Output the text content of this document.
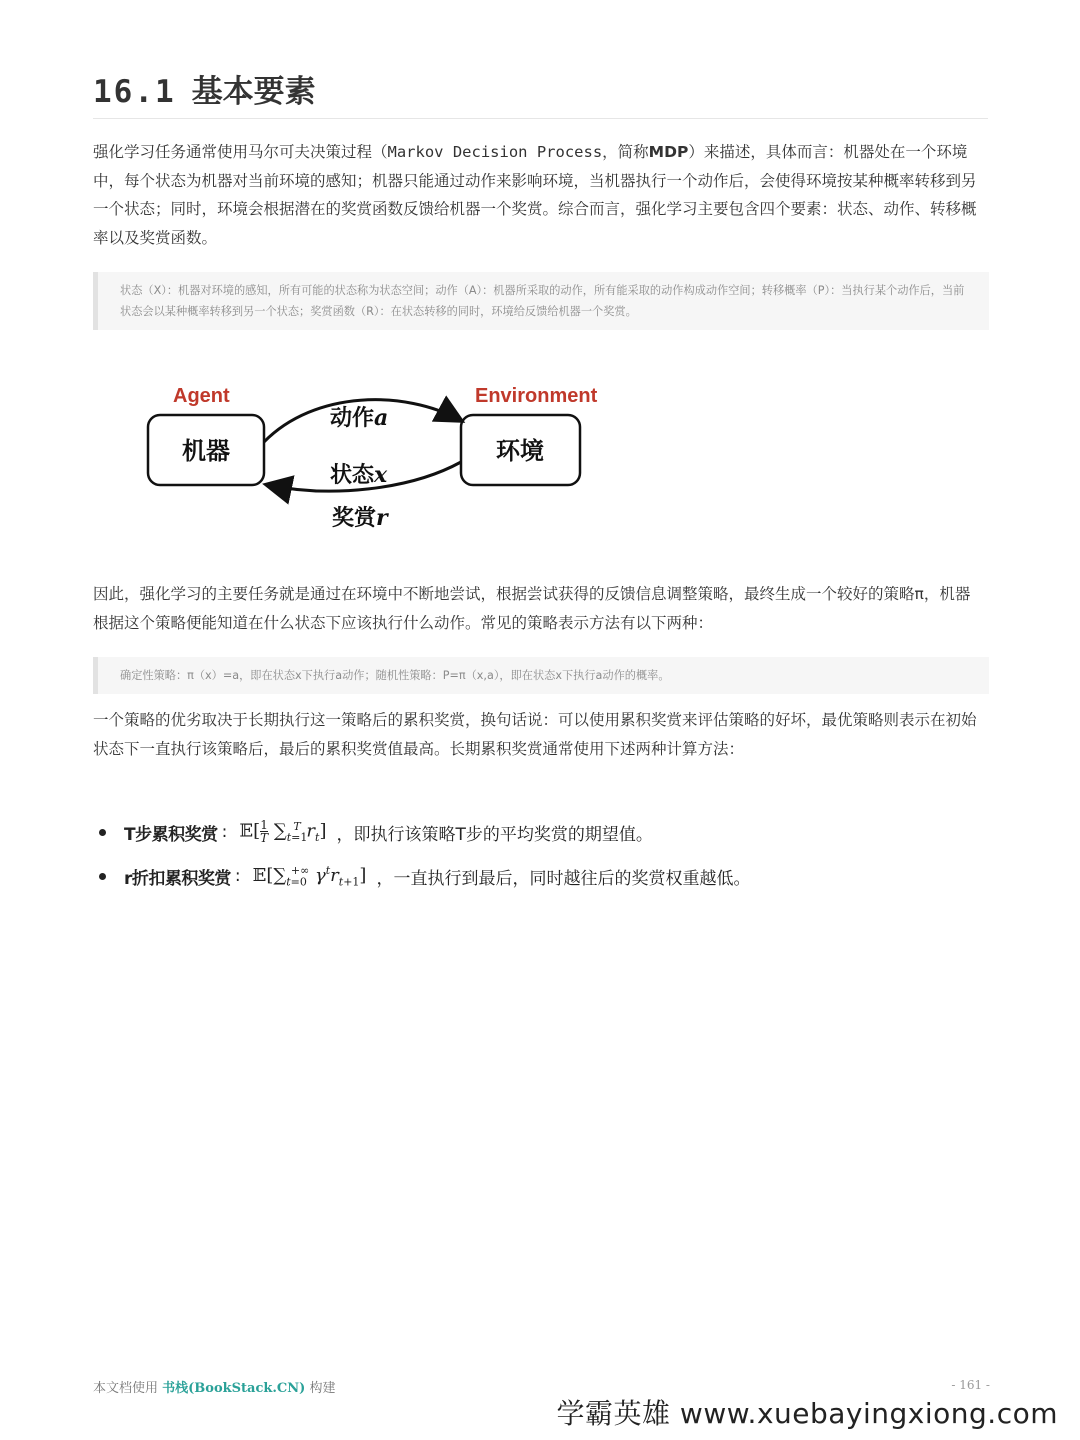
16.1 基本要素

强化学习任务通常使用马尔可夫决策过程（Markov Decision Process，简称MDP）来描述，具体而言：机器处在一个环境中，每个状态为机器对当前环境的感知；机器只能通过动作来影响环境，当机器执行一个动作后，会使得环境按某种概率转移到另一个状态；同时，环境会根据潜在的奖赏函数反馈给机器一个奖赏。综合而言，强化学习主要包含四个要素：状态、动作、转移概率以及奖赏函数。

状态（X）：机器对环境的感知，所有可能的状态称为状态空间；动作（A）：机器所采取的动作，所有能采取的动作构成动作空间；转移概率（P）：当执行某个动作后，当前状态会以某种概率转移到另一个状态；奖赏函数（R）：在状态转移的同时，环境给反馈给机器一个奖赏。
Agent
机器
Environment
环境
动作a
状态x
奖赏r

因此，强化学习的主要任务就是通过在环境中不断地尝试，根据尝试获得的反馈信息调整策略，最终生成一个较好的策略π，机器根据这个策略便能知道在什么状态下应该执行什么动作。常见的策略表示方法有以下两种：

确定性策略：π（x）=a，即在状态x下执行a动作；随机性策略：P=π（x,a），即在状态x下执行a动作的概率。

一个策略的优劣取决于长期执行这一策略后的累积奖赏，换句话说：可以使用累积奖赏来评估策略的好坏，最优策略则表示在初始状态下一直执行该策略后，最后的累积奖赏值最高。长期累积奖赏通常使用下述两种计算方法：

T步累积奖赏 : 𝔼[ $\frac{1}{T} \sum_{t=1}^T$ $r_t$] ，即执行该策略T步的平均奖赏的期望值。
r折扣累积奖赏 : $𝔼[\sum_{t=0}^{+\infty}$ $\gamma^tr_{t+1}$] ，一直执行到最后，同时越往后的奖赏权重越低。
本文档使用 书栈(BookStack.CN) 构建	- 161 -
学霸英雄 www.xuebayingxiong.com
